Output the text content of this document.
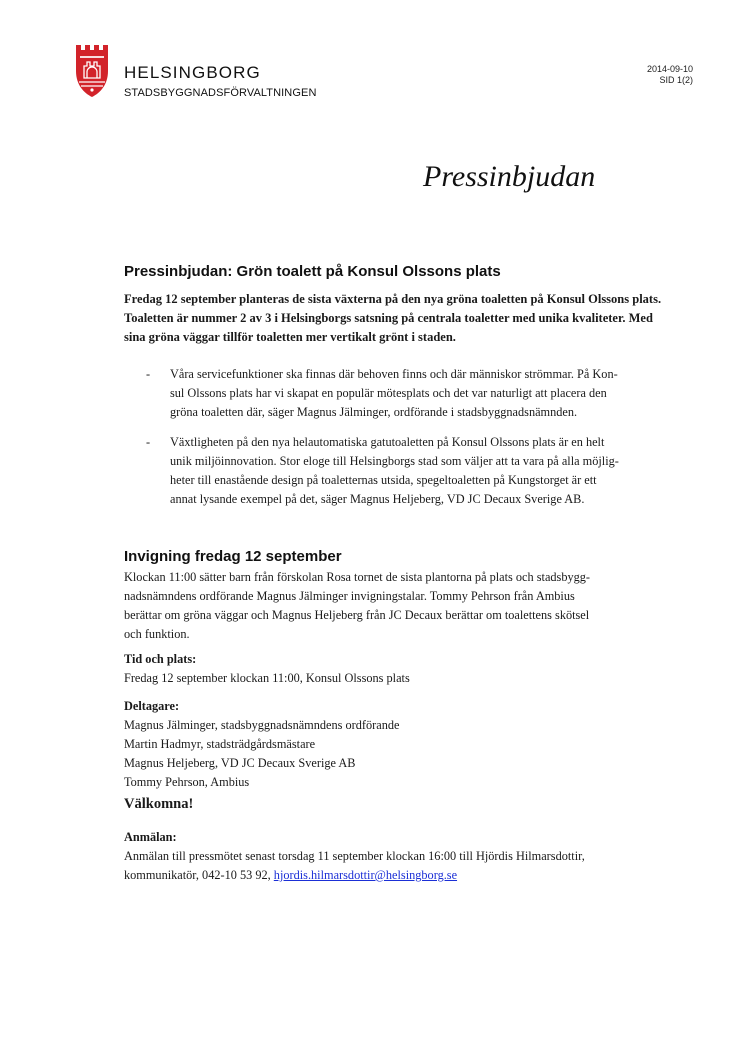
HELSINGBORG
STADSBYGGNADSFÖRVALTNINGEN
2014-09-10
SID 1(2)
Pressinbjudan
Pressinbjudan: Grön toalett på Konsul Olssons plats

Fredag 12 september planteras de sista växterna på den nya gröna toaletten på Konsul Olssons plats. Toaletten är nummer 2 av 3 i Helsingborgs satsning på centrala toaletter med unika kvaliteter. Med sina gröna väggar tillför toaletten mer vertikalt grönt i staden.

- Våra servicefunktioner ska finnas där behoven finns och där människor strömmar. På Kon-
sul Olssons plats har vi skapat en populär mötesplats och det var naturligt att placera den
gröna toaletten där, säger Magnus Jälminger, ordförande i stadsbyggnadsnämnden.
- Växtligheten på den nya helautomatiska gatutoaletten på Konsul Olssons plats är en helt
unik miljöinnovation. Stor eloge till Helsingborgs stad som väljer att ta vara på alla möjlig-
heter till enastående design på toaletternas utsida, spegeltoaletten på Kungstorget är ett
annat lysande exempel på det, säger Magnus Heljeberg, VD JC Decaux Sverige AB.
Invigning fredag 12 september

Klockan 11:00 sätter barn från förskolan Rosa tornet de sista plantorna på plats och stadsbygg-
nadsnämndens ordförande Magnus Jälminger invigningstalar. Tommy Pehrson från Ambius
berättar om gröna väggar och Magnus Heljeberg från JC Decaux berättar om toalettens skötsel
och funktion.

Tid och plats:
Fredag 12 september klockan 11:00, Konsul Olssons plats
Deltagare:
Magnus Jälminger, stadsbyggnadsnämndens ordförande
Martin Hadmyr, stadsträdgårdsmästare
Magnus Heljeberg, VD JC Decaux Sverige AB
Tommy Pehrson, Ambius
Välkomna!
Anmälan:
Anmälan till pressmötet senast torsdag 11 september klockan 16:00 till Hjördis Hilmarsdottir,
kommunikatör, 042-10 53 92, hjordis.hilmarsdottir@helsingborg.se
